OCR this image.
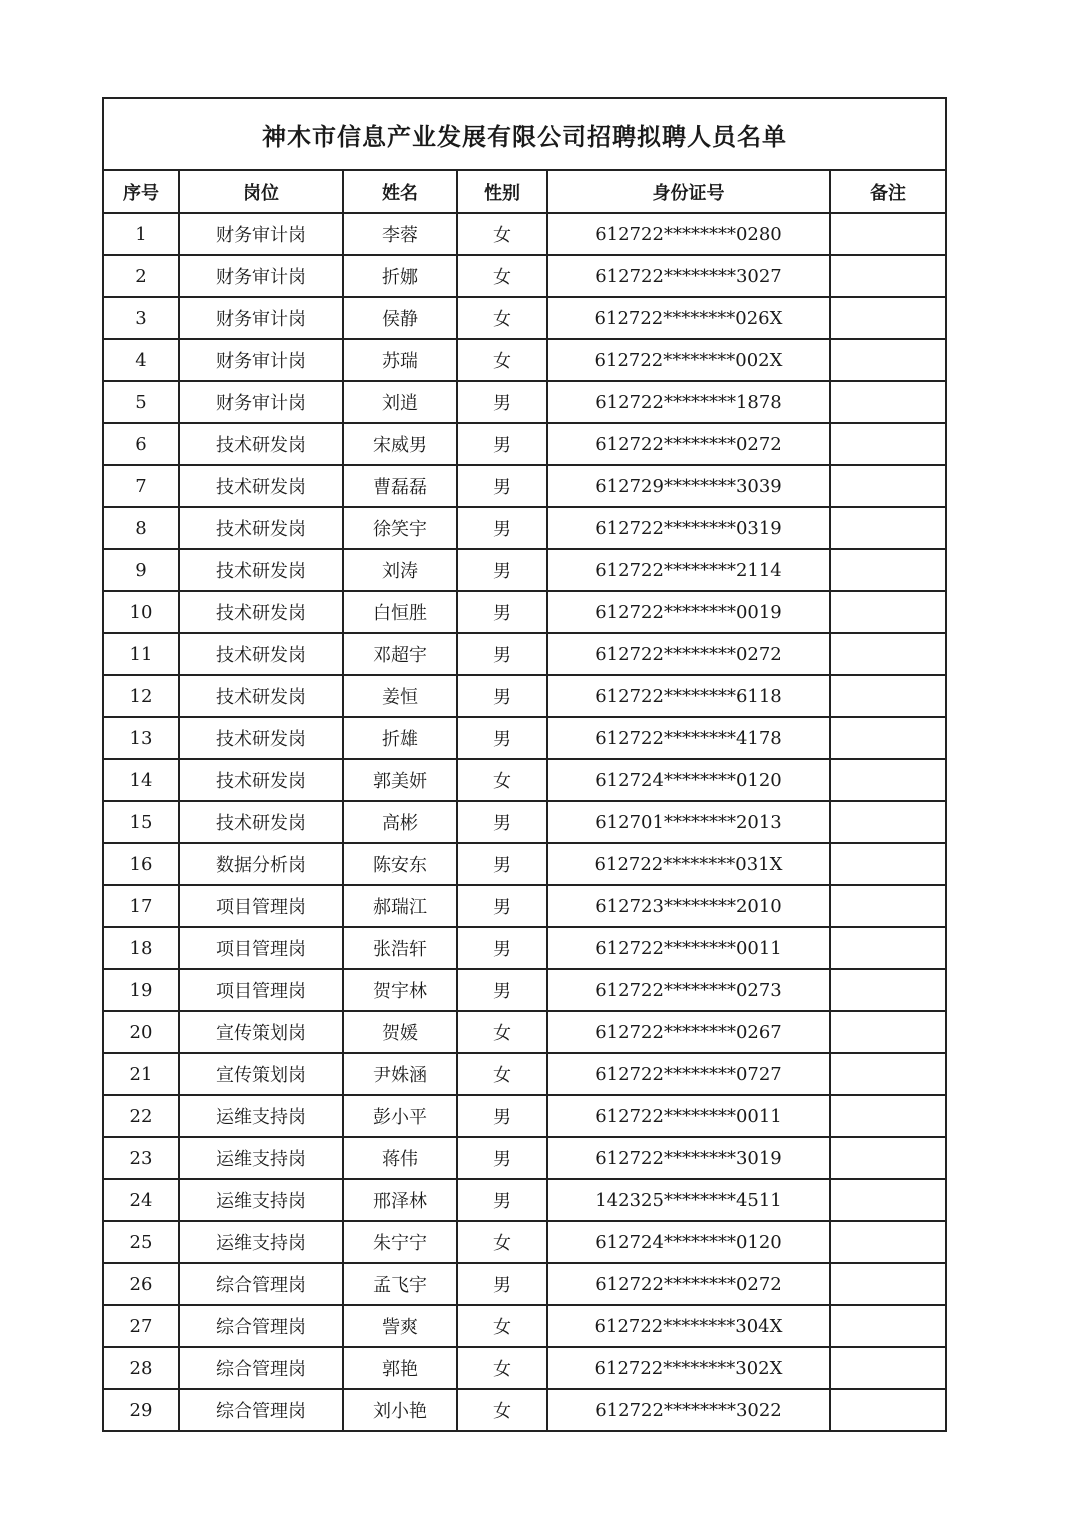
神木市信息产业发展有限公司招聘拟聘人员名单
序号	岗位	姓名	性别	身份证号	备注
1	财务审计岗	李蓉	女	612722********0280	
2	财务审计岗	折娜	女	612722********3027	
3	财务审计岗	侯静	女	612722********026X	
4	财务审计岗	苏瑞	女	612722********002X	
5	财务审计岗	刘逍	男	612722********1878	
6	技术研发岗	宋威男	男	612722********0272	
7	技术研发岗	曹磊磊	男	612729********3039	
8	技术研发岗	徐笑宇	男	612722********0319	
9	技术研发岗	刘涛	男	612722********2114	
10	技术研发岗	白恒胜	男	612722********0019	
11	技术研发岗	邓超宇	男	612722********0272	
12	技术研发岗	姜恒	男	612722********6118	
13	技术研发岗	折雄	男	612722********4178	
14	技术研发岗	郭美妍	女	612724********0120	
15	技术研发岗	高彬	男	612701********2013	
16	数据分析岗	陈安东	男	612722********031X	
17	项目管理岗	郝瑞江	男	612723********2010	
18	项目管理岗	张浩轩	男	612722********0011	
19	项目管理岗	贺宇林	男	612722********0273	
20	宣传策划岗	贺媛	女	612722********0267	
21	宣传策划岗	尹姝涵	女	612722********0727	
22	运维支持岗	彭小平	男	612722********0011	
23	运维支持岗	蒋伟	男	612722********3019	
24	运维支持岗	邢泽林	男	142325********4511	
25	运维支持岗	朱宁宁	女	612724********0120	
26	综合管理岗	孟飞宇	男	612722********0272	
27	综合管理岗	訾爽	女	612722********304X	
28	综合管理岗	郭艳	女	612722********302X	
29	综合管理岗	刘小艳	女	612722********3022	
